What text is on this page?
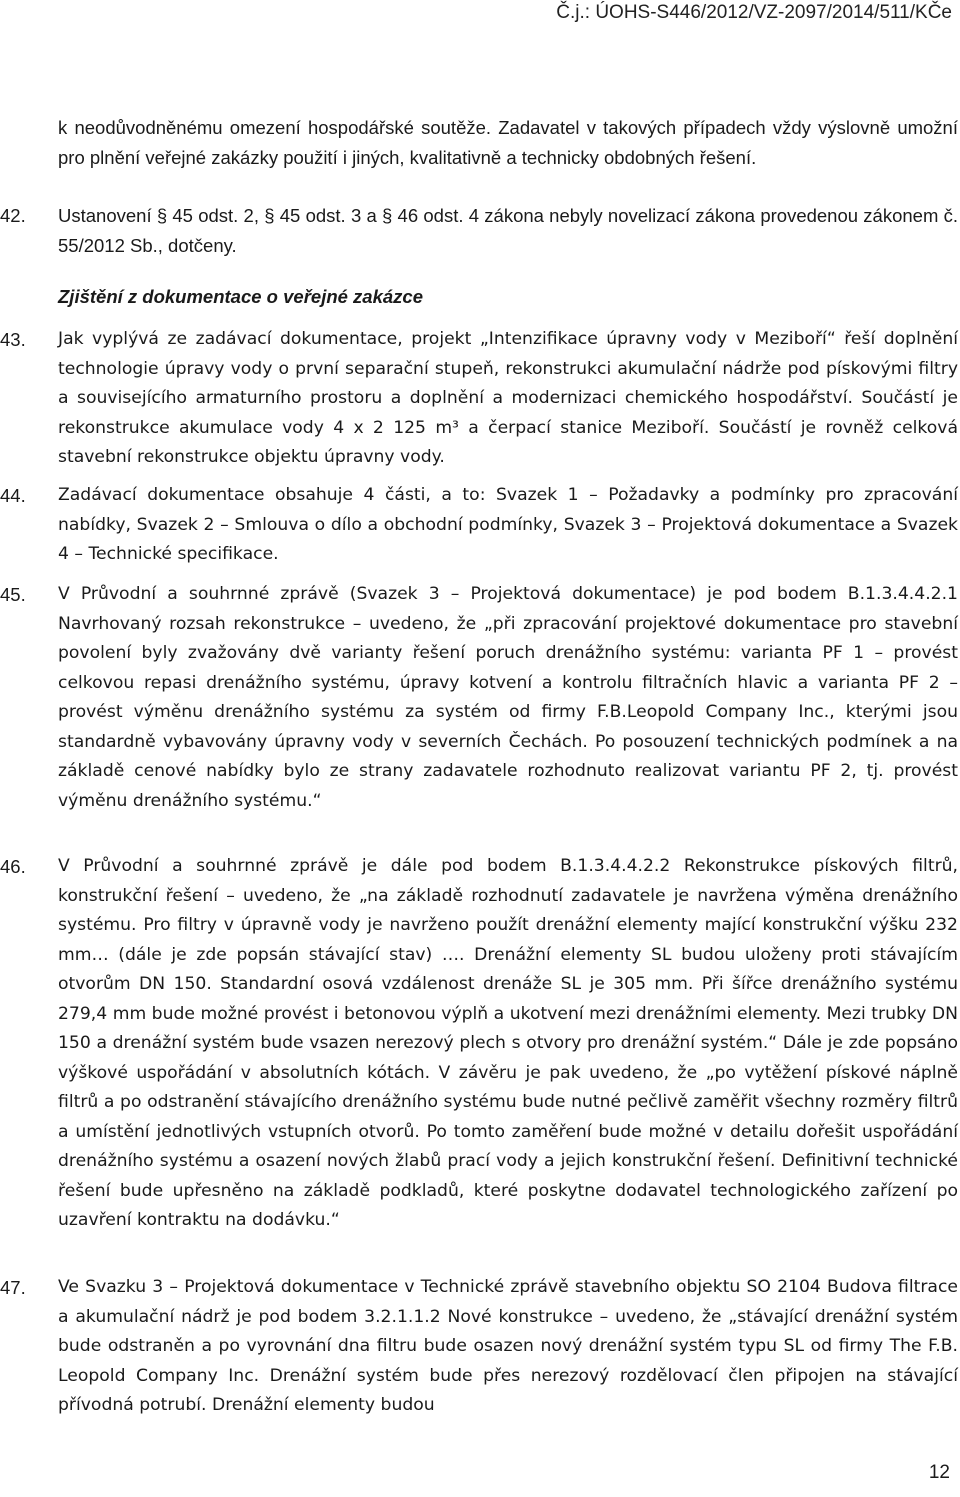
Č.j.: ÚOHS-S446/2012/VZ-2097/2014/511/KČe

k neodůvodněnému omezení hospodářské soutěže. Zadavatel v takových případech vždy výslovně umožní pro plnění veřejné zakázky použití i jiných, kvalitativně a technicky obdobných řešení.

42. Ustanovení § 45 odst. 2, § 45 odst. 3 a § 46 odst. 4 zákona nebyly novelizací zákona provedenou zákonem č. 55/2012 Sb., dotčeny.

Zjištění z dokumentace o veřejné zakázce
43. Jak vyplývá ze zadávací dokumentace, projekt „Intenzifikace úpravny vody v Meziboří“ řeší doplnění technologie úpravy vody o první separační stupeň, rekonstrukci akumulační nádrže pod pískovými filtry a souvisejícího armaturního prostoru a doplnění a modernizaci chemického hospodářství. Součástí je rekonstrukce akumulace vody 4 x 2 125 m³ a čerpací stanice Meziboří. Součástí je rovněž celková stavební rekonstrukce objektu úpravny vody.

44. Zadávací dokumentace obsahuje 4 části, a to: Svazek 1 – Požadavky a podmínky pro zpracování nabídky, Svazek 2 – Smlouva o dílo a obchodní podmínky, Svazek 3 – Projektová dokumentace a Svazek 4 – Technické specifikace.

45. V Průvodní a souhrnné zprávě (Svazek 3 – Projektová dokumentace) je pod bodem B.1.3.4.4.2.1 Navrhovaný rozsah rekonstrukce – uvedeno, že „při zpracování projektové dokumentace pro stavební povolení byly zvažovány dvě varianty řešení poruch drenážního systému: varianta PF 1 – provést celkovou repasi drenážního systému, úpravy kotvení a kontrolu filtračních hlavic a varianta PF 2 – provést výměnu drenážního systému za systém od firmy F.B.Leopold Company Inc., kterými jsou standardně vybavovány úpravny vody v severních Čechách. Po posouzení technických podmínek a na základě cenové nabídky bylo ze strany zadavatele rozhodnuto realizovat variantu PF 2, tj. provést výměnu drenážního systému.“

46. V Průvodní a souhrnné zprávě je dále pod bodem B.1.3.4.4.2.2 Rekonstrukce pískových filtrů, konstrukční řešení – uvedeno, že „na základě rozhodnutí zadavatele je navržena výměna drenážního systému. Pro filtry v úpravně vody je navrženo použít drenážní elementy mající konstrukční výšku 232 mm… (dále je zde popsán stávající stav) …. Drenážní elementy SL budou uloženy proti stávajícím otvorům DN 150. Standardní osová vzdálenost drenáže SL je 305 mm. Při šířce drenážního systému 279,4 mm bude možné provést i betonovou výplň a ukotvení mezi drenážními elementy. Mezi trubky DN 150 a drenážní systém bude vsazen nerezový plech s otvory pro drenážní systém.“ Dále je zde popsáno výškové uspořádání v absolutních kótách. V závěru je pak uvedeno, že „po vytěžení pískové náplně filtrů a po odstranění stávajícího drenážního systému bude nutné pečlivě zaměřit všechny rozměry filtrů a umístění jednotlivých vstupních otvorů. Po tomto zaměření bude možné v detailu dořešit uspořádání drenážního systému a osazení nových žlabů prací vody a jejich konstrukční řešení. Definitivní technické řešení bude upřesněno na základě podkladů, které poskytne dodavatel technologického zařízení po uzavření kontraktu na dodávku.“

47. Ve Svazku 3 – Projektová dokumentace v Technické zprávě stavebního objektu SO 2104 Budova filtrace a akumulační nádrž je pod bodem 3.2.1.1.2 Nové konstrukce – uvedeno, že „stávající drenážní systém bude odstraněn a po vyrovnání dna filtru bude osazen nový drenážní systém typu SL od firmy The F.B. Leopold Company Inc. Drenážní systém bude přes nerezový rozdělovací člen připojen na stávající přívodná potrubí. Drenážní elementy budou

12
